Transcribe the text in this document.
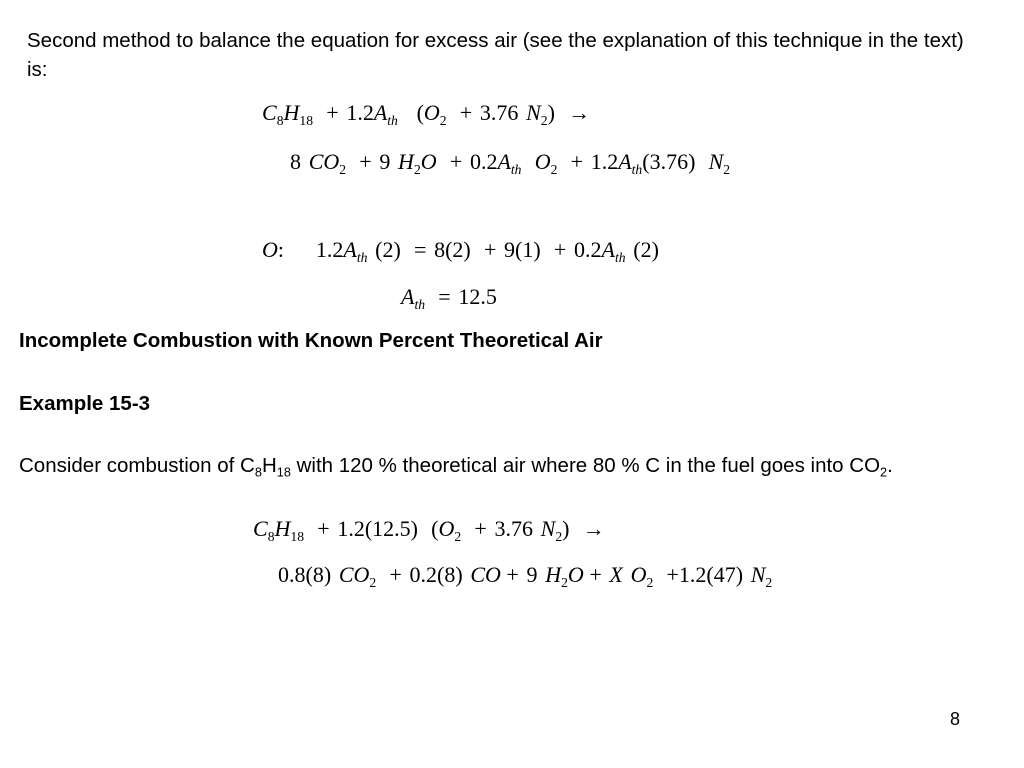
Second method to balance the equation for excess air (see the explanation of this technique in the text) is:
$C_8H_{18} + 1.2A_{th}$ ($O_2 + 3.76$ $N_2$) →
8 $CO_2 + 9$ $H_2O + 0.2A_{th}$ $O_2 + 1.2A_{th}(3.76)$ $N_2$
O: $1.2A_{th}$ $(2) = 8(2) + 9(1) + 0.2A_{th}$ (2)
$A_{th} = 12.5$
Incomplete Combustion with Known Percent Theoretical Air
Example 15-3
Consider combustion of $C_8H_{18}$ with 120 % theoretical air where 80 % C in the fuel goes into $CO_2$.
$C_8H_{18} + 1.2(12.5) (O_2 + 3.76$ $N_2$) →
0.8(8) $CO_2 + 0.2(8)$ CO + 9 $H_2O + X$ $O_2 +1.2(47)$ $N_2$
8
